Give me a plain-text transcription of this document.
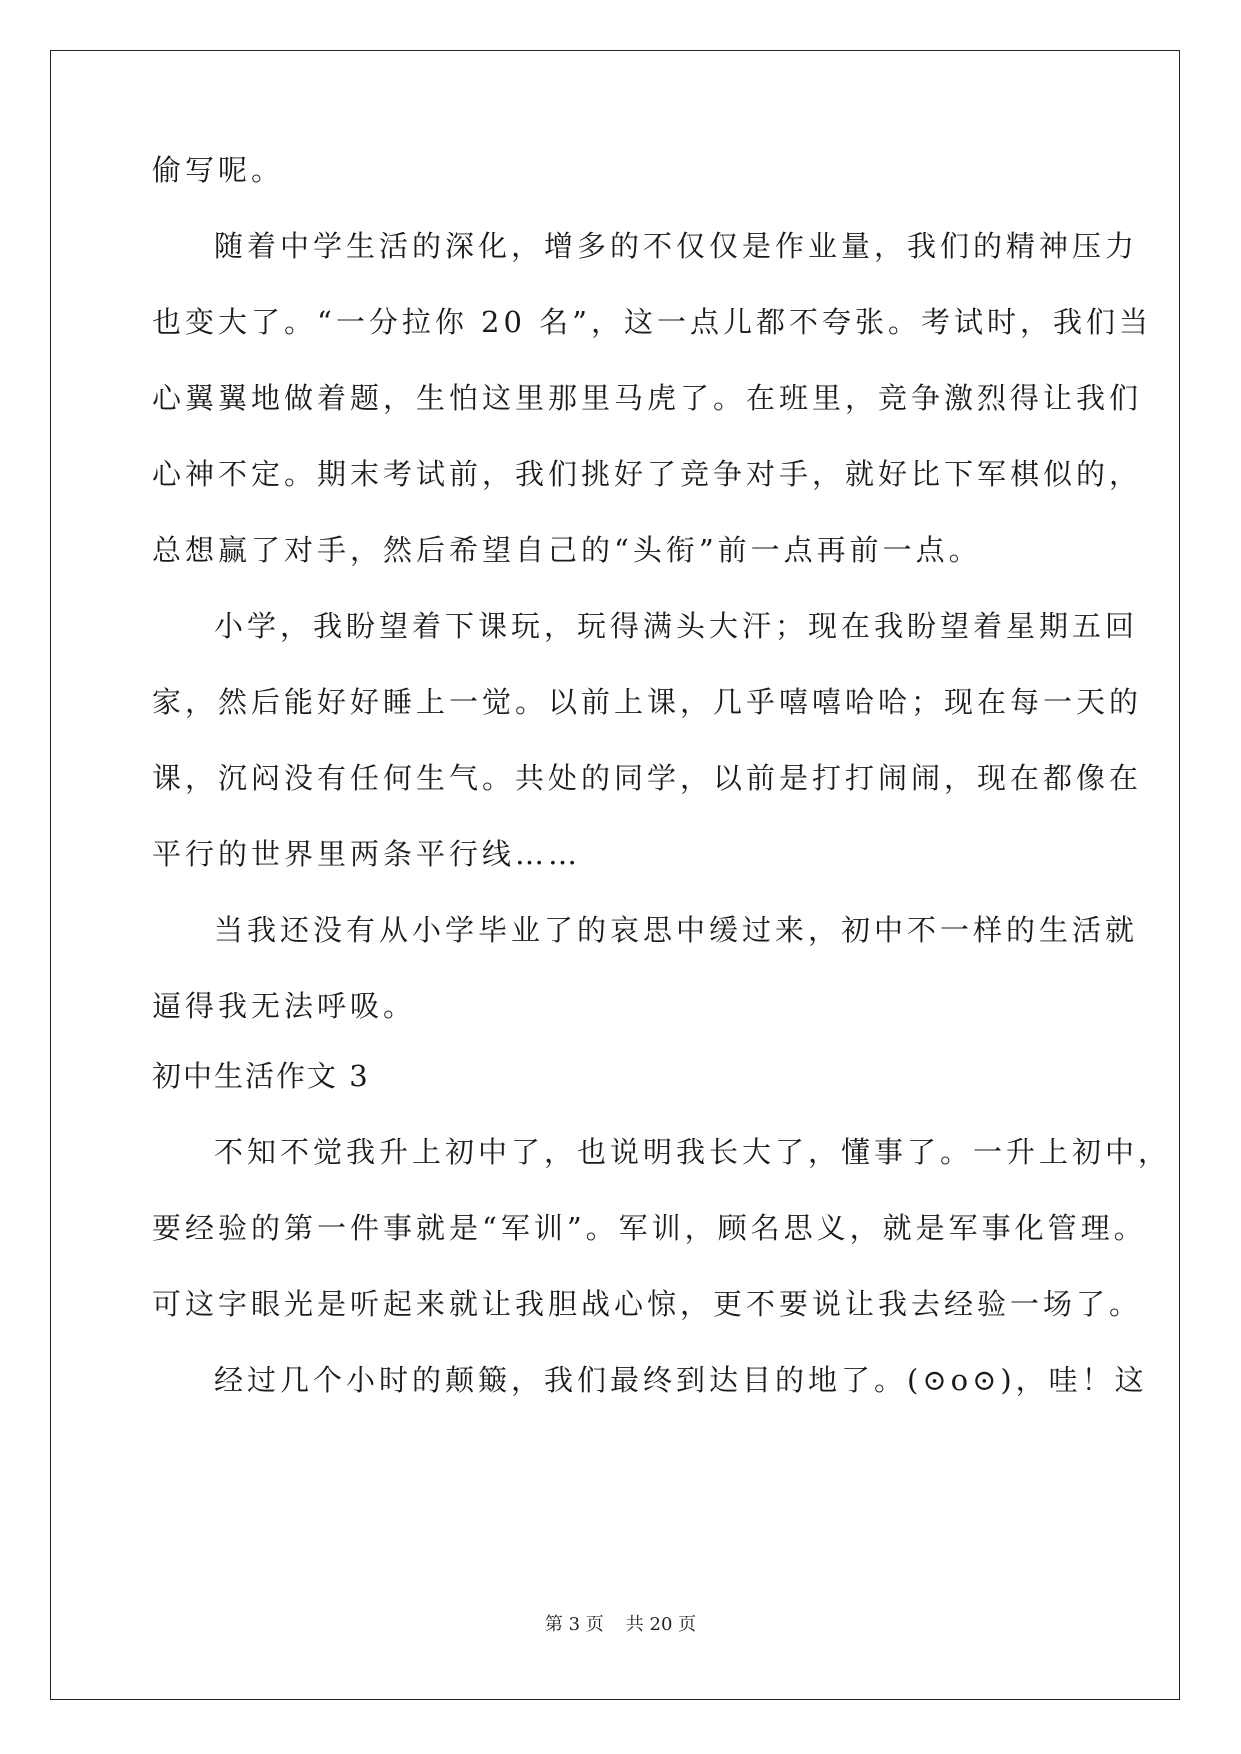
偷写呢。
随着中学生活的深化，增多的不仅仅是作业量，我们的精神压力
也变大了。“一分拉你 20 名”，这一点儿都不夸张。考试时，我们当
心翼翼地做着题，生怕这里那里马虎了。在班里，竞争激烈得让我们
心神不定。期末考试前，我们挑好了竞争对手，就好比下军棋似的，
总想赢了对手，然后希望自己的“头衔”前一点再前一点。
小学，我盼望着下课玩，玩得满头大汗；现在我盼望着星期五回
家，然后能好好睡上一觉。以前上课，几乎嘻嘻哈哈；现在每一天的
课，沉闷没有任何生气。共处的同学，以前是打打闹闹，现在都像在
平行的世界里两条平行线……
当我还没有从小学毕业了的哀思中缓过来，初中不一样的生活就
逼得我无法呼吸。
初中生活作文 3
不知不觉我升上初中了，也说明我长大了，懂事了。一升上初中，
要经验的第一件事就是“军训”。军训，顾名思义，就是军事化管理。
可这字眼光是听起来就让我胆战心惊，更不要说让我去经验一场了。
经过几个小时的颠簸，我们最终到达目的地了。(⊙o⊙)，哇！这
第 3 页 共 20 页
